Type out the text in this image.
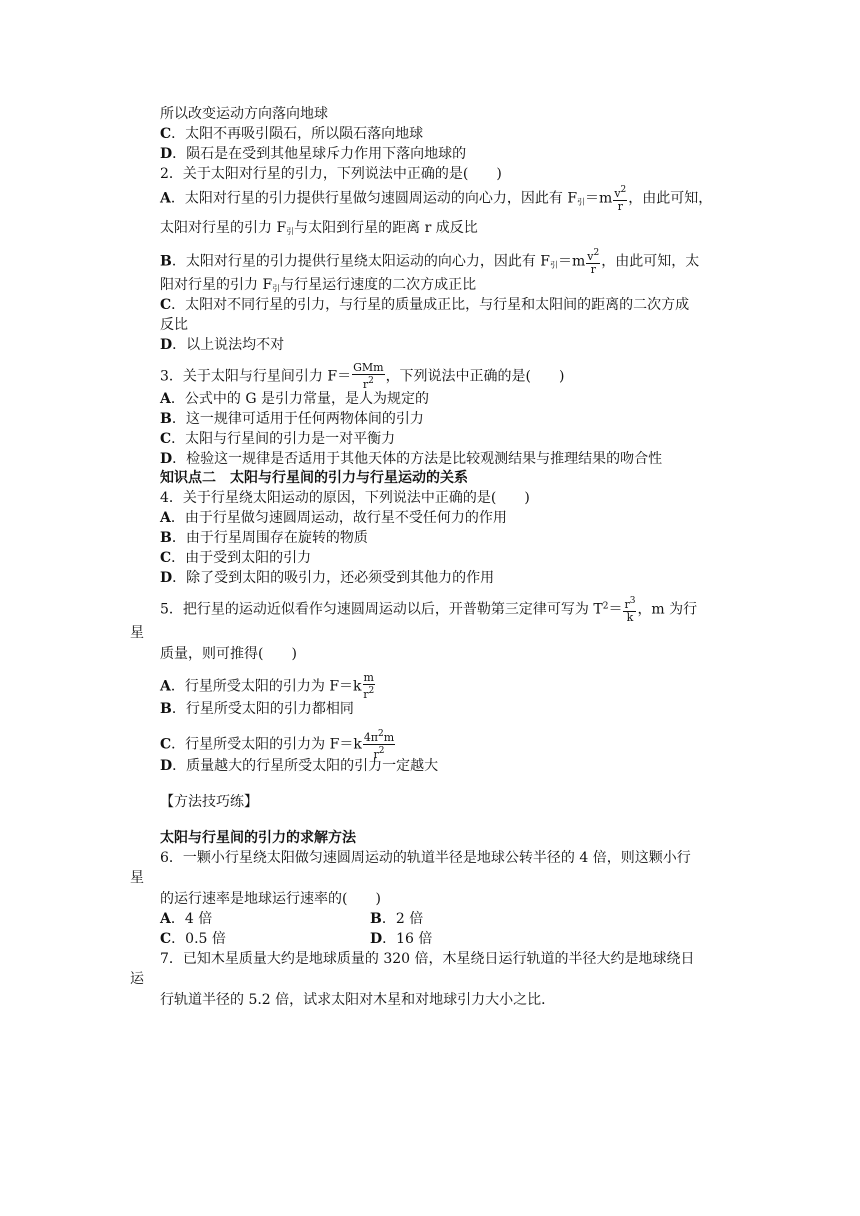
所以改变运动方向落向地球
C．太阳不再吸引陨石，所以陨石落向地球
D．陨石是在受到其他星球斥力作用下落向地球的
2．关于太阳对行星的引力，下列说法中正确的是(　　)
A．太阳对行星的引力提供行星做匀速圆周运动的向心力，因此有 $F_引=m \frac{v^2}{r}$ ，由此可知，
太阳对行星的引力 $F_引$与太阳到行星的距离 r 成反比
B．太阳对行星的引力提供行星绕太阳运动的向心力，因此有 $F_引=m \frac{v^2}{r}$ ，由此可知，太
阳对行星的引力 $F_引$与行星运行速度的二次方成正比
C．太阳对不同行星的引力，与行星的质量成正比，与行星和太阳间的距离的二次方成
反比
D．以上说法均不对
3．关于太阳与行星间引力 $F= \frac{\text{GMm}}{r^2}$ ，下列说法中正确的是(　　)
A．公式中的 G 是引力常量，是人为规定的
B．这一规律可适用于任何两物体间的引力
C．太阳与行星间的引力是一对平衡力
D．检验这一规律是否适用于其他天体的方法是比较观测结果与推理结果的吻合性
知识点二　太阳与行星间的引力与行星运动的关系
4．关于行星绕太阳运动的原因，下列说法中正确的是(　　)
A．由于行星做匀速圆周运动，故行星不受任何力的作用
B．由于行星周围存在旋转的物质
C．由于受到太阳的引力
D．除了受到太阳的吸引力，还必须受到其他力的作用
5．把行星的运动近似看作匀速圆周运动以后，开普勒第三定律可写为 $T^2= \frac{r^3}{k}$ ，m 为行
星
质量，则可推得(　　)
A．行星所受太阳的引力为 $F=k \frac{m}{r^2}$
B．行星所受太阳的引力都相同
C．行星所受太阳的引力为 $F=k \frac{4\pi^2m}{r^2}$
D．质量越大的行星所受太阳的引力一定越大
【方法技巧练】
太阳与行星间的引力的求解方法
6．一颗小行星绕太阳做匀速圆周运动的轨道半径是地球公转半径的 4 倍，则这颗小行
星
的运行速率是地球运行速率的(　　)
A．4 倍	B．2 倍
C．0.5 倍	D．16 倍
7．已知木星质量大约是地球质量的 320 倍，木星绕日运行轨道的半径大约是地球绕日
运
行轨道半径的 5.2 倍，试求太阳对木星和对地球引力大小之比．
